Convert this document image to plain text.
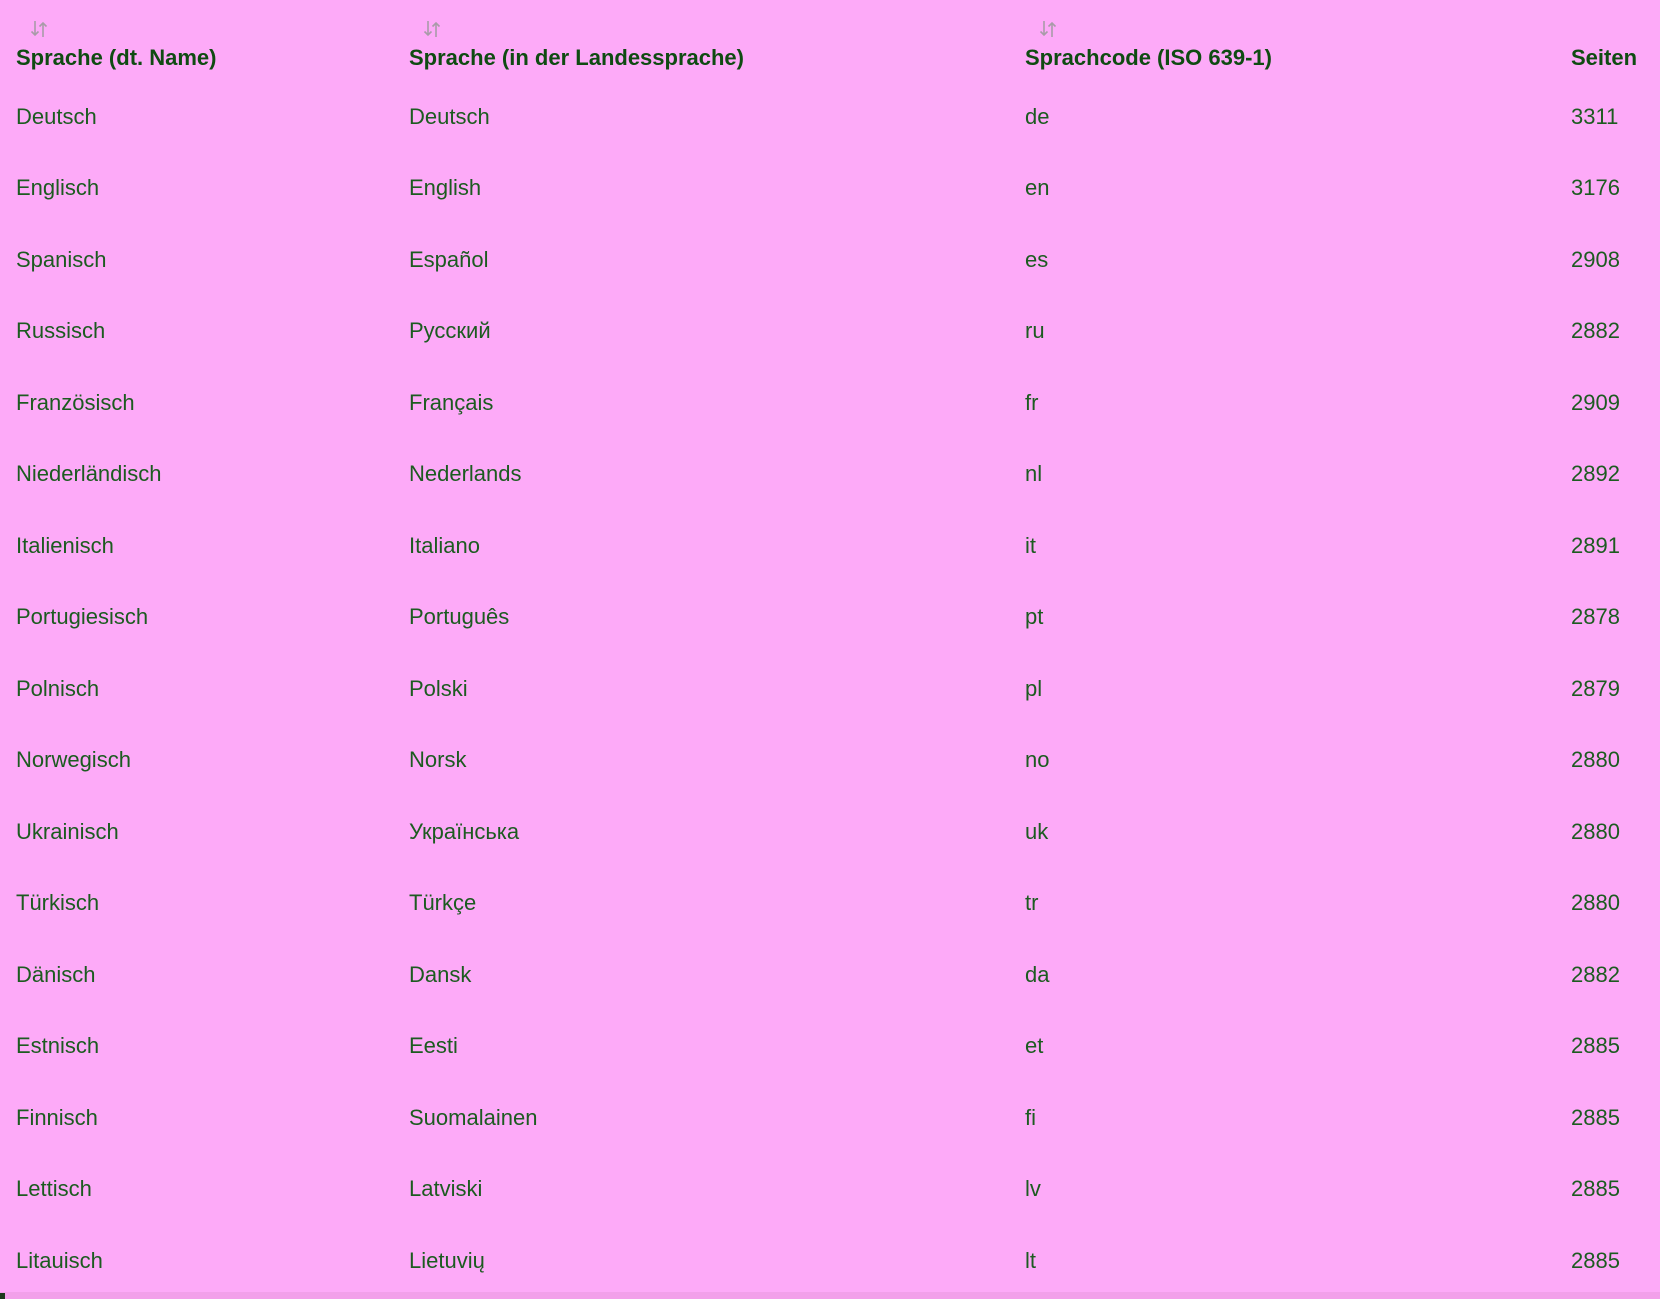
Sprache (dt. Name)	Sprache (in der Landessprache)	Sprachcode (ISO 639-1)	Seiten
Deutsch	Deutsch	de	3311
Englisch	English	en	3176
Spanisch	Español	es	2908
Russisch	Русский	ru	2882
Französisch	Français	fr	2909
Niederländisch	Nederlands	nl	2892
Italienisch	Italiano	it	2891
Portugiesisch	Português	pt	2878
Polnisch	Polski	pl	2879
Norwegisch	Norsk	no	2880
Ukrainisch	Українська	uk	2880
Türkisch	Türkçe	tr	2880
Dänisch	Dansk	da	2882
Estnisch	Eesti	et	2885
Finnisch	Suomalainen	fi	2885
Lettisch	Latviski	lv	2885
Litauisch	Lietuvių	lt	2885
